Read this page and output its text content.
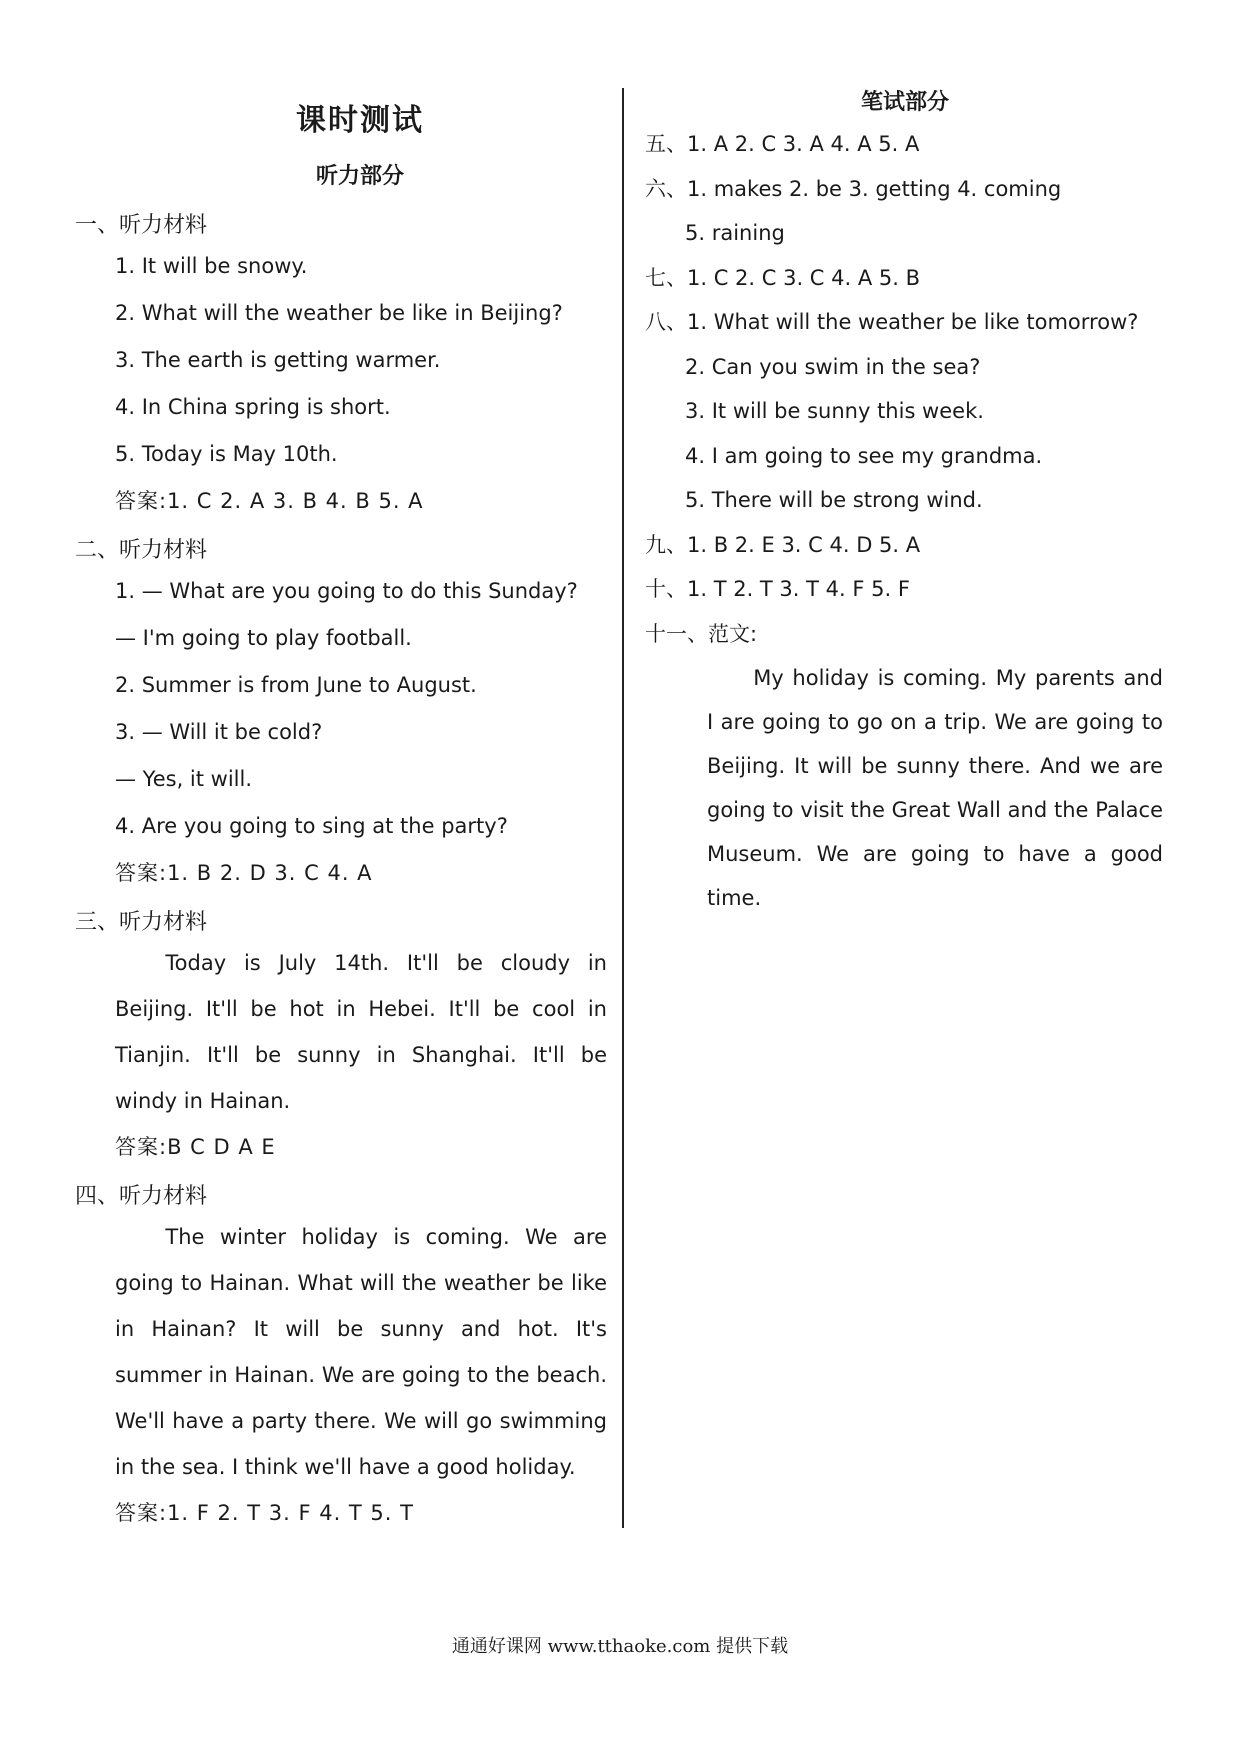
课时测试
听力部分
一、听力材料
1. It will be snowy.
2. What will the weather be like in Beijing?
3. The earth is getting warmer.
4. In China spring is short.
5. Today is May 10th.
答案:1. C 2. A 3. B 4. B 5. A
二、听力材料
1. — What are you going to do this Sunday?
— I'm going to play football.
2. Summer is from June to August.
3. — Will it be cold?
— Yes, it will.
4. Are you going to sing at the party?
答案:1. B 2. D 3. C 4. A
三、听力材料
Today is July 14th. It'll be cloudy in Beijing. It'll be hot in Hebei. It'll be cool in Tianjin. It'll be sunny in Shanghai. It'll be windy in Hainan.
答案:B C D A E
四、听力材料
The winter holiday is coming. We are going to Hainan. What will the weather be like in Hainan? It will be sunny and hot. It's summer in Hainan. We are going to the beach. We'll have a party there. We will go swimming in the sea. I think we'll have a good holiday.
答案:1. F 2. T 3. F 4. T 5. T
笔试部分
五、1. A 2. C 3. A 4. A 5. A
六、1. makes 2. be 3. getting 4. coming
5. raining
七、1. C 2. C 3. C 4. A 5. B
八、1. What will the weather be like tomorrow?
2. Can you swim in the sea?
3. It will be sunny this week.
4. I am going to see my grandma.
5. There will be strong wind.
九、1. B 2. E 3. C 4. D 5. A
十、1. T 2. T 3. T 4. F 5. F
十一、范文:
My holiday is coming. My parents and I are going to go on a trip. We are going to Beijing. It will be sunny there. And we are going to visit the Great Wall and the Palace Museum. We are going to have a good time.
通通好课网 www.tthaoke.com 提供下载
